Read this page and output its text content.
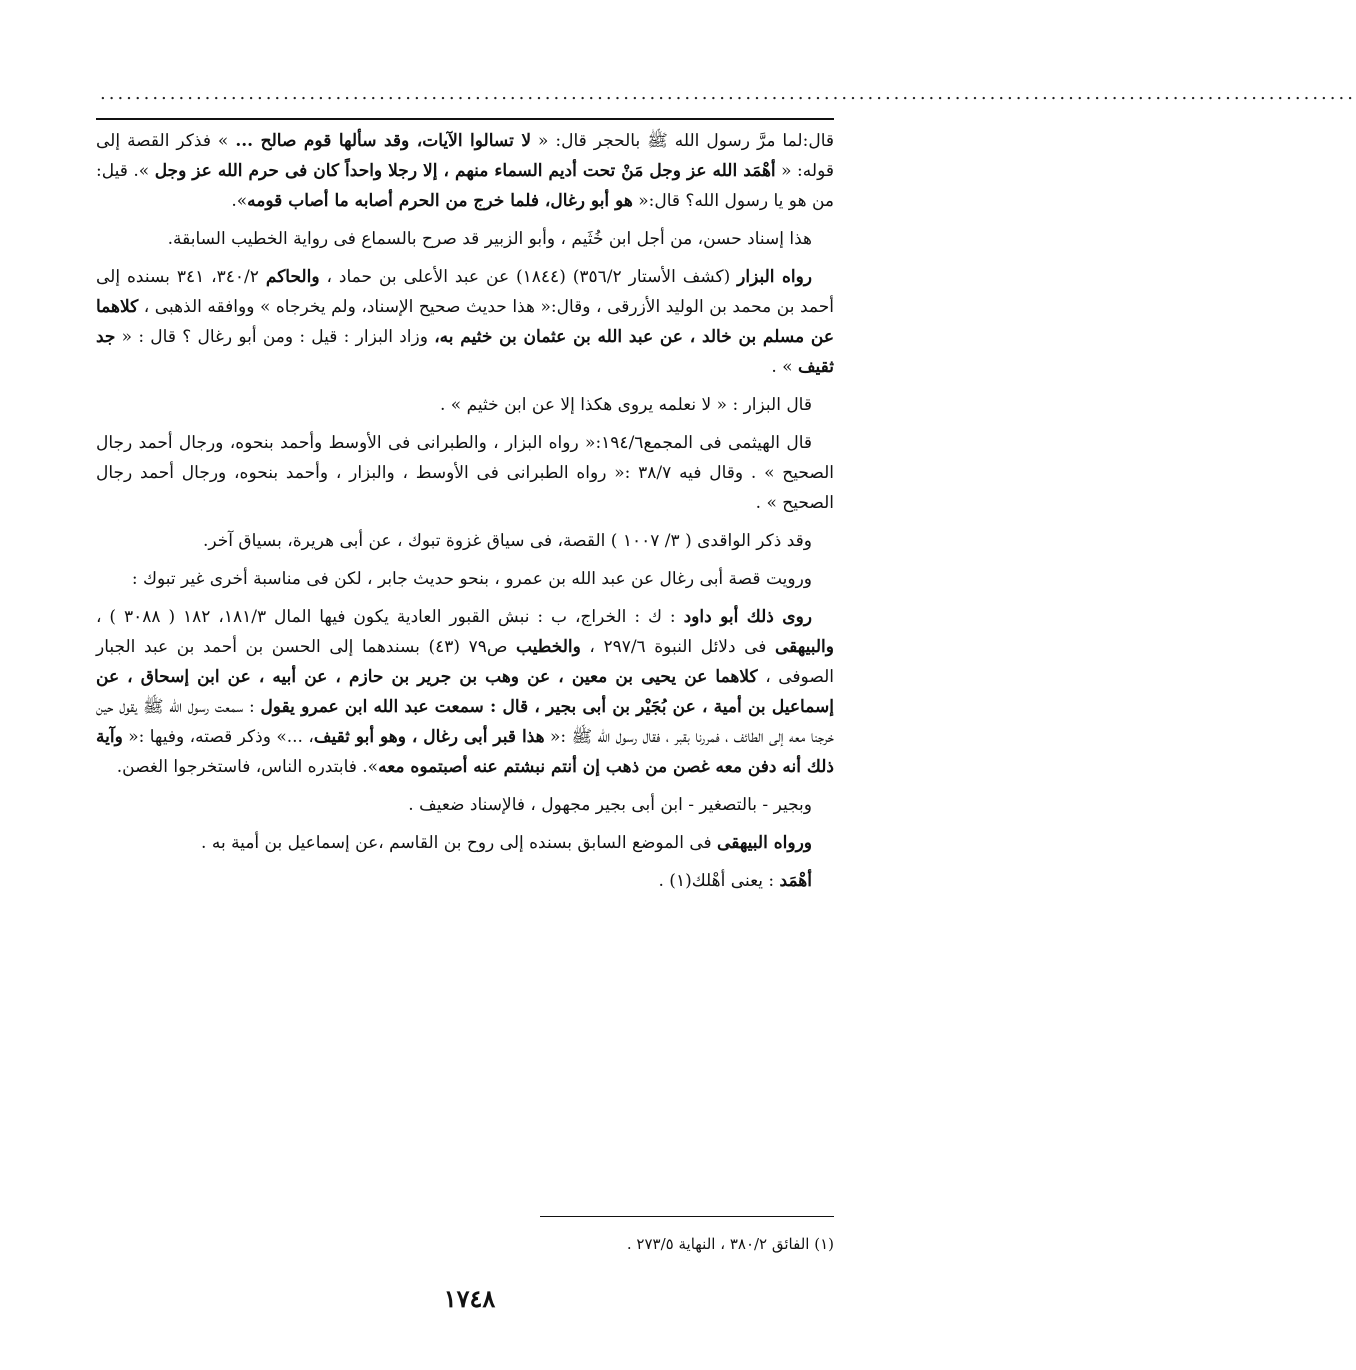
................................................................................................................................................

قال:لما مرَّ رسول الله ﷺ بالحجر قال: « لا تسالوا الآيات، وقد سألها قوم صالح ... » فذكر القصة إلى قوله: « أهْمَد الله عز وجل مَنْ تحت أديم السماء منهم ، إلا رجلا واحداً كان فى حرم الله عز وجل ». قيل: من هو يا رسول الله؟ قال:« هو أبو رغال، فلما خرج من الحرم أصابه ما أصاب قومه».

هذا إسناد حسن، من أجل ابن خُثَيم ، وأبو الزبير قد صرح بالسماع فى رواية الخطيب السابقة.

رواه البزار (كشف الأستار ٣٥٦/٢) (١٨٤٤) عن عبد الأعلى بن حماد ، والحاكم ٣٤٠/٢، ٣٤١ بسنده إلى أحمد بن محمد بن الوليد الأزرقى ، وقال:« هذا حديث صحيح الإسناد، ولم يخرجاه » ووافقه الذهبى ، كلاهما عن مسلم بن خالد ، عن عبد الله بن عثمان بن خثيم به، وزاد البزار : قيل : ومن أبو رغال ؟ قال : « جد ثقيف » .

قال البزار : « لا نعلمه يروى هكذا إلا عن ابن خثيم » .

قال الهيثمى فى المجمع١٩٤/٦:« رواه البزار ، والطبرانى فى الأوسط وأحمد بنحوه، ورجال أحمد رجال الصحيح » . وقال فيه ٣٨/٧ :« رواه الطبرانى فى الأوسط ، والبزار ، وأحمد بنحوه، ورجال أحمد رجال الصحيح » .

وقد ذكر الواقدى ( ٣/ ١٠٠٧ ) القصة، فى سياق غزوة تبوك ، عن أبى هريرة، بسياق آخر.

ورويت قصة أبى رغال عن عبد الله بن عمرو ، بنحو حديث جابر ، لكن فى مناسبة أخرى غير تبوك :

روى ذلك أبو داود : ك : الخراج، ب : نبش القبور العادية يكون فيها المال ١٨١/٣، ١٨٢ ( ٣٠٨٨ ) ، والبيهقى فى دلائل النبوة ٢٩٧/٦ ، والخطيب ص٧٩ (٤٣) بسندهما إلى الحسن بن أحمد بن عبد الجبار الصوفى ، كلاهما عن يحيى بن معين ، عن وهب بن جرير بن حازم ، عن أبيه ، عن ابن إسحاق ، عن إسماعيل بن أمية ، عن بُجَيْر بن أبى بجير ، قال : سمعت عبد الله ابن عمرو يقول : سمعت رسول الله ﷺ يقول حين خرجنا معه إلى الطائف ، فمررنا بقبر ، فقال رسول الله ﷺ :« هذا قبر أبى رغال ، وهو أبو ثقيف، ...» وذكر قصته، وفيها :« وآية ذلك أنه دفن معه غصن من ذهب إن أنتم نبشتم عنه أصبتموه معه». فابتدره الناس، فاستخرجوا الغصن.

وبجير - بالتصغير - ابن أبى بجير مجهول ، فالإسناد ضعيف .

ورواه البيهقى فى الموضع السابق بسنده إلى روح بن القاسم ،عن إسماعيل بن أمية به .

أهْمَد : يعنى أهْلك(١) .

(١) الفائق ٣٨٠/٢ ، النهاية ٢٧٣/٥ .
١٧٤٨
